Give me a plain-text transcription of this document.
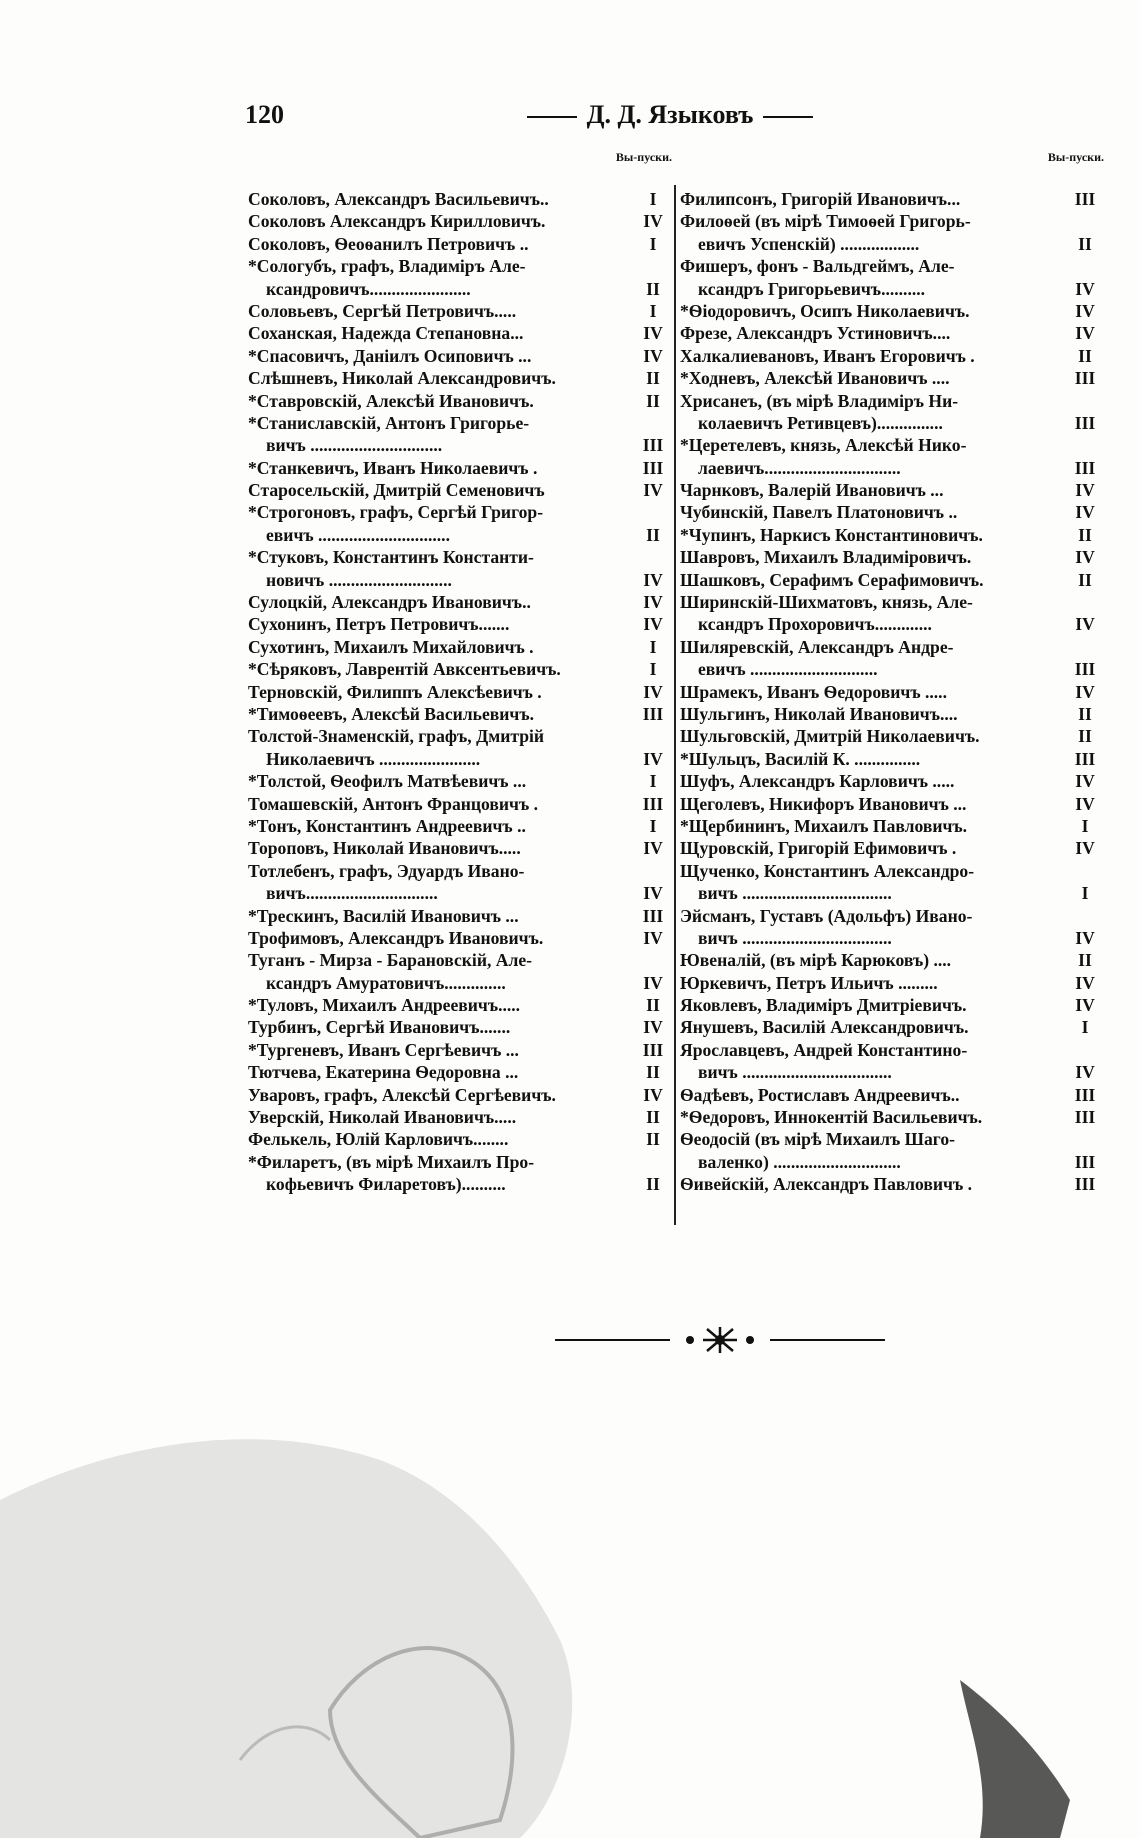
120	Д. Д. Языковъ
Вы-пуски.
Соколовъ, Александръ Васильевичъ..	I
Соколовъ Александръ Кирилловичъ.	IV
Соколовъ, Ѳеоѳанилъ Петровичъ ..	I
*Сологубъ, графъ, Владиміръ Але-
ксандровичъ.......................	II
Соловьевъ, Сергѣй Петровичъ.....	I
Соханская, Надежда Степановна...	IV
*Спасовичъ, Даніилъ Осиповичъ ...	IV
Слѣшневъ, Николай Александровичъ.	II
*Ставровскій, Алексѣй Ивановичъ.	II
*Станиславскій, Антонъ Григорье-
вичъ ..............................	III
*Станкевичъ, Иванъ Николаевичъ .	III
Старосельскій, Дмитрій Семеновичъ	IV
*Строгоновъ, графъ, Сергѣй Григор-
евичъ ..............................	II
*Стуковъ, Константинъ Константи-
новичъ ............................	IV
Сулоцкій, Александръ Ивановичъ..	IV
Сухонинъ, Петръ Петровичъ.......	IV
Сухотинъ, Михаилъ Михайловичъ .	I
*Сѣряковъ, Лаврентій Авксентьевичъ.	I
Терновскій, Филиппъ Алексѣевичъ .	IV
*Тимоѳеевъ, Алексѣй Васильевичъ.	III
Толстой-Знаменскій, графъ, Дмитрій
Николаевичъ .......................	IV
*Толстой, Ѳеофилъ Матвѣевичъ ...	I
Томашевскій, Антонъ Францовичъ .	III
*Тонъ, Константинъ Андреевичъ ..	I
Тороповъ, Николай Ивановичъ.....	IV
Тотлебенъ, графъ, Эдуардъ Ивано-
вичъ..............................	IV
*Трескинъ, Василій Ивановичъ ...	III
Трофимовъ, Александръ Ивановичъ.	IV
Туганъ - Мирза - Барановскій, Але-
ксандръ Амуратовичъ..............	IV
*Туловъ, Михаилъ Андреевичъ.....	II
Турбинъ, Сергѣй Ивановичъ.......	IV
*Тургеневъ, Иванъ Сергѣевичъ ...	III
Тютчева, Екатерина Ѳедоровна ...	II
Уваровъ, графъ, Алексѣй Сергѣевичъ.	IV
Уверскій, Николай Ивановичъ.....	II
Фелькель, Юлій Карловичъ........	II
*Филаретъ, (въ мірѣ Михаилъ Про-
кофьевичъ Филаретовъ)..........	II
Вы-пуски.
Филипсонъ, Григорій Ивановичъ...	III
Филоѳей (въ мірѣ Тимоѳей Григорь-
евичъ Успенскій) ..................	II
Фишеръ, фонъ - Вальдгеймъ, Але-
ксандръ Григорьевичъ..........	IV
*Ѳіодоровичъ, Осипъ Николаевичъ.	IV
Фрезе, Александръ Устиновичъ....	IV
Халкалиевановъ, Иванъ Егоровичъ .	II
*Ходневъ, Алексѣй Ивановичъ ....	III
Хрисанеъ, (въ мірѣ Владиміръ Ни-
колаевичъ Ретивцевъ)...............	III
*Церетелевъ, князь, Алексѣй Нико-
лаевичъ...............................	III
Чарнковъ, Валерій Ивановичъ ...	IV
Чубинскій, Павелъ Платоновичъ ..	IV
*Чупинъ, Наркисъ Константиновичъ.	II
Шавровъ, Михаилъ Владиміровичъ.	IV
Шашковъ, Серафимъ Серафимовичъ.	II
Ширинскій-Шихматовъ, князь, Але-
ксандръ Прохоровичъ.............	IV
Шиляревскій, Александръ Андре-
евичъ .............................	III
Шрамекъ, Иванъ Ѳедоровичъ .....	IV
Шульгинъ, Николай Ивановичъ....	II
Шульговскій, Дмитрій Николаевичъ.	II
*Шульцъ, Василій К. ...............	III
Шуфъ, Александръ Карловичъ .....	IV
Щеголевъ, Никифоръ Ивановичъ ...	IV
*Щербининъ, Михаилъ Павловичъ.	I
Щуровскій, Григорій Ефимовичъ .	IV
Щученко, Константинъ Александро-
вичъ ..................................	I
Эйсманъ, Густавъ (Адольфъ) Ивано-
вичъ ..................................	IV
Ювеналій, (въ мірѣ Карюковъ) ....	II
Юркевичъ, Петръ Ильичъ .........	IV
Яковлевъ, Владиміръ Дмитріевичъ.	IV
Янушевъ, Василій Александровичъ.	I
Ярославцевъ, Андрей Константино-
вичъ ..................................	IV
Ѳадѣевъ, Ростиславъ Андреевичъ..	III
*Ѳедоровъ, Иннокентій Васильевичъ.	III
Ѳеодосій (въ мірѣ Михаилъ Шаго-
валенко) .............................	III
Ѳивейскій, Александръ Павловичъ .	III
